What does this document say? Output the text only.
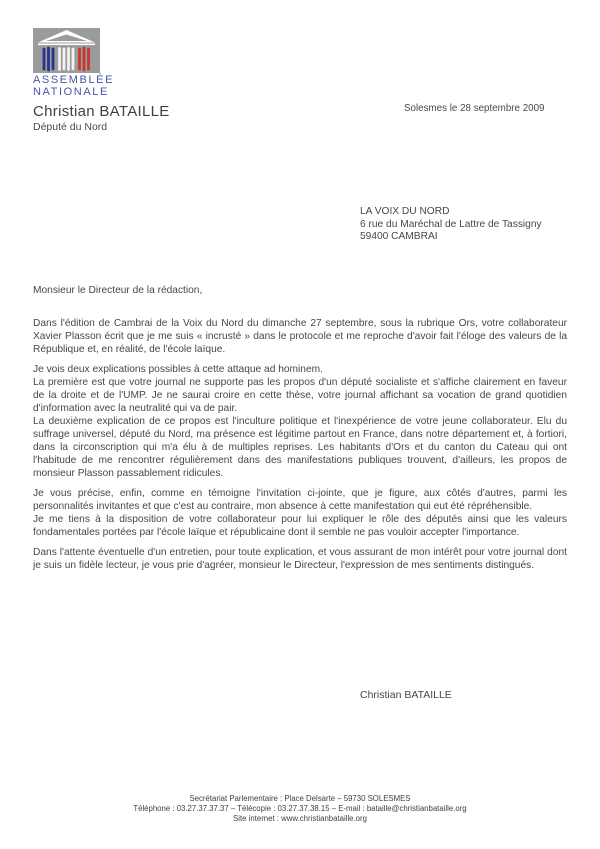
ASSEMBLÉE
NATIONALE
Christian BATAILLE
Député du Nord
Solesmes le 28 septembre 2009
LA VOIX DU NORD
6 rue du Maréchal de Lattre de Tassigny
59400 CAMBRAI

Monsieur le Directeur de la rédaction,

Dans l'édition de Cambrai de la Voix du Nord du dimanche 27 septembre, sous la rubrique Ors, votre collaborateur Xavier Plasson écrit que je me suis « incrusté » dans le protocole et me reproche d'avoir fait l'éloge des valeurs de la République et, en réalité, de l'école laïque.

Je vois deux explications possibles à cette attaque ad hominem.

La première est que votre journal ne supporte pas les propos d'un député socialiste et s'affiche clairement en faveur de la droite et de l'UMP. Je ne saurai croire en cette thèse, votre journal affichant sa vocation de grand quotidien d'information avec la neutralité qui va de pair.

La deuxième explication de ce propos est l'inculture politique et l'inexpérience de votre jeune collaborateur. Elu du suffrage universel, député du Nord, ma présence est légitime partout en France, dans notre département et, à fortiori, dans la circonscription qui m'a élu à de multiples reprises. Les habitants d'Ors et du canton du Cateau qui ont l'habitude de me rencontrer régulièrement dans des manifestations publiques trouvent, d'ailleurs, les propos de monsieur Plasson passablement ridicules.

Je vous précise, enfin, comme en témoigne l'invitation ci-jointe, que je figure, aux côtés d'autres, parmi les personnalités invitantes et que c'est au contraire, mon absence à cette manifestation qui eut été répréhensible.

Je me tiens à la disposition de votre collaborateur pour lui expliquer le rôle des députés ainsi que les valeurs fondamentales portées par l'école laïque et républicaine dont il semble ne pas vouloir accepter l'importance.

Dans l'attente éventuelle d'un entretien, pour toute explication, et vous assurant de mon intérêt pour votre journal dont je suis un fidèle lecteur, je vous prie d'agréer, monsieur le Directeur, l'expression de mes sentiments distingués.

Christian BATAILLE
Secrétariat Parlementaire : Place Delsarte – 59730 SOLESMES
Téléphone : 03.27.37.37.37 – Télécopie : 03.27.37.38.15 – E-mail : bataille@christianbataille.org
Site internet : www.christianbataille.org
